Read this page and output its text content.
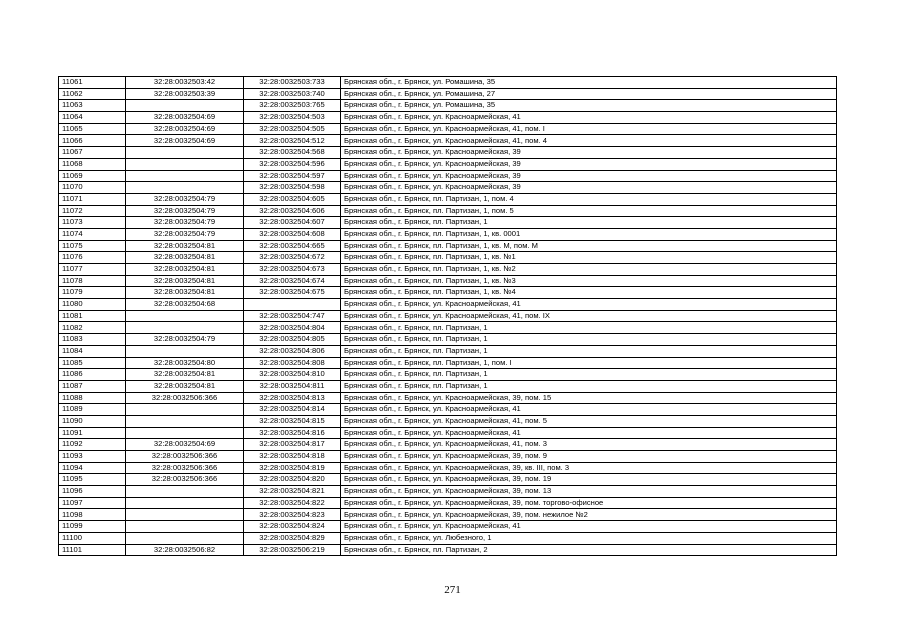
11061	32:28:0032503:42	32:28:0032503:733	Брянская обл., г. Брянск, ул. Ромашина, 35
11062	32:28:0032503:39	32:28:0032503:740	Брянская обл., г. Брянск, ул. Ромашина, 27
11063		32:28:0032503:765	Брянская обл., г. Брянск, ул. Ромашина, 35
11064	32:28:0032504:69	32:28:0032504:503	Брянская обл., г. Брянск, ул. Красноармейская, 41
11065	32:28:0032504:69	32:28:0032504:505	Брянская обл., г. Брянск, ул. Красноармейская, 41, пом. I
11066	32:28:0032504:69	32:28:0032504:512	Брянская обл., г. Брянск, ул. Красноармейская, 41, пом. 4
11067		32:28:0032504:568	Брянская обл., г. Брянск, ул. Красноармейская, 39
11068		32:28:0032504:596	Брянская обл., г. Брянск, ул. Красноармейская, 39
11069		32:28:0032504:597	Брянская обл., г. Брянск, ул. Красноармейская, 39
11070		32:28:0032504:598	Брянская обл., г. Брянск, ул. Красноармейская, 39
11071	32:28:0032504:79	32:28:0032504:605	Брянская обл., г. Брянск, пл. Партизан, 1, пом. 4
11072	32:28:0032504:79	32:28:0032504:606	Брянская обл., г. Брянск, пл. Партизан, 1, пом. 5
11073	32:28:0032504:79	32:28:0032504:607	Брянская обл., г. Брянск, пл. Партизан, 1
11074	32:28:0032504:79	32:28:0032504:608	Брянская обл., г. Брянск, пл. Партизан, 1, кв. 0001
11075	32:28:0032504:81	32:28:0032504:665	Брянская обл., г. Брянск, пл. Партизан, 1, кв. М, пом. М
11076	32:28:0032504:81	32:28:0032504:672	Брянская обл., г. Брянск, пл. Партизан, 1, кв. №1
11077	32:28:0032504:81	32:28:0032504:673	Брянская обл., г. Брянск, пл. Партизан, 1, кв. №2
11078	32:28:0032504:81	32:28:0032504:674	Брянская обл., г. Брянск, пл. Партизан, 1, кв. №3
11079	32:28:0032504:81	32:28:0032504:675	Брянская обл., г. Брянск, пл. Партизан, 1, кв. №4
11080	32:28:0032504:68		Брянская обл., г. Брянск, ул. Красноармейская, 41
11081		32:28:0032504:747	Брянская обл., г. Брянск, ул. Красноармейская, 41, пом. IX
11082		32:28:0032504:804	Брянская обл., г. Брянск, пл. Партизан, 1
11083	32:28:0032504:79	32:28:0032504:805	Брянская обл., г. Брянск, пл. Партизан, 1
11084		32:28:0032504:806	Брянская обл., г. Брянск, пл. Партизан, 1
11085	32:28:0032504:80	32:28:0032504:808	Брянская обл., г. Брянск, пл. Партизан, 1, пом. I
11086	32:28:0032504:81	32:28:0032504:810	Брянская обл., г. Брянск, пл. Партизан, 1
11087	32:28:0032504:81	32:28:0032504:811	Брянская обл., г. Брянск, пл. Партизан, 1
11088	32:28:0032506:366	32:28:0032504:813	Брянская обл., г. Брянск, ул. Красноармейская, 39, пом. 15
11089		32:28:0032504:814	Брянская обл., г. Брянск, ул. Красноармейская, 41
11090		32:28:0032504:815	Брянская обл., г. Брянск, ул. Красноармейская, 41, пом. 5
11091		32:28:0032504:816	Брянская обл., г. Брянск, ул. Красноармейская, 41
11092	32:28:0032504:69	32:28:0032504:817	Брянская обл., г. Брянск, ул. Красноармейская, 41, пом. 3
11093	32:28:0032506:366	32:28:0032504:818	Брянская обл., г. Брянск, ул. Красноармейская, 39, пом. 9
11094	32:28:0032506:366	32:28:0032504:819	Брянская обл., г. Брянск, ул. Красноармейская, 39, кв. III, пом. 3
11095	32:28:0032506:366	32:28:0032504:820	Брянская обл., г. Брянск, ул. Красноармейская, 39, пом. 19
11096		32:28:0032504:821	Брянская обл., г. Брянск, ул. Красноармейская, 39, пом. 13
11097		32:28:0032504:822	Брянская обл., г. Брянск, ул. Красноармейская, 39, пом. торгово-офисное
11098		32:28:0032504:823	Брянская обл., г. Брянск, ул. Красноармейская, 39, пом. нежилое №2
11099		32:28:0032504:824	Брянская обл., г. Брянск, ул. Красноармейская, 41
11100		32:28:0032504:829	Брянская обл., г. Брянск, ул. Любезного, 1
11101	32:28:0032506:82	32:28:0032506:219	Брянская обл., г. Брянск, пл. Партизан, 2
271
